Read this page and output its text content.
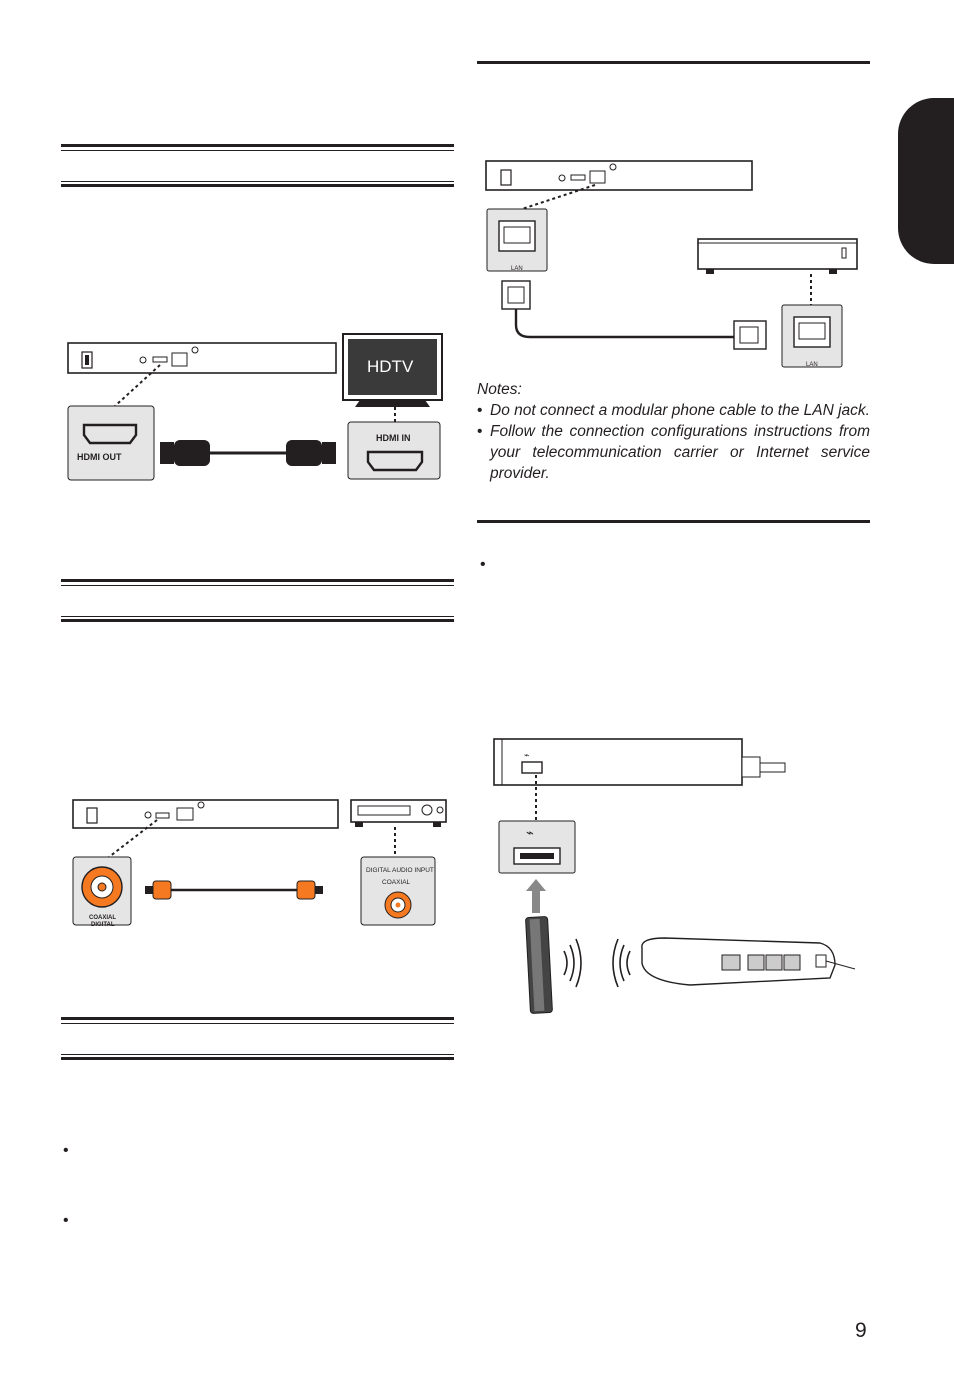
•
•
•
HDTV
HDMI OUT
HDMI IN
COAXIAL
DIGITAL
DIGITAL AUDIO INPUT
COAXIAL
LAN
LAN
Notes:
• Do not connect a modular phone cable to the LAN jack.
• Follow the connection configurations instructions from your telecommunication carrier or Internet service provider.
⌁
⌁
9
